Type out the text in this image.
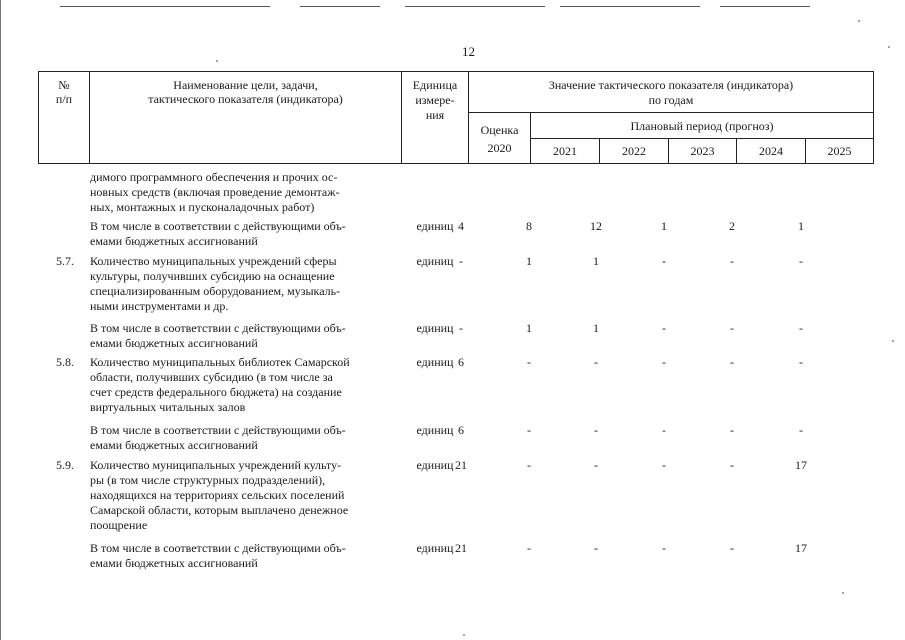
12
№
п/п
Наименование цели, задачи,
тактического показателя (индикатора)
Единица
измере-
ния
Значение тактического показателя (индикатора)
по годам
Оценка
2020
Плановый период (прогноз)
2021	2022	2023	2024	2025
димого программного обеспечения и прочих ос-
новных средств (включая проведение демонтаж-
ных, монтажных и пусконаладочных работ)
В том числе в соответствии с действующими объ-
емами бюджетных ассигнований
единиц 4	8	12	1	2	1
5.7. Количество муниципальных учреждений сферы
культуры, получивших субсидию на оснащение
специализированным оборудованием, музыкаль-
ными инструментами и др.
единиц -	1	1	-	-	-
В том числе в соответствии с действующими объ-
емами бюджетных ассигнований
единиц -	1	1	-	-	-
5.8. Количество муниципальных библиотек Самарской
области, получивших субсидию (в том числе за
счет средств федерального бюджета) на создание
виртуальных читальных залов
единиц 6	-	-	-	-	-
В том числе в соответствии с действующими объ-
емами бюджетных ассигнований
единиц 6	-	-	-	-	-
5.9. Количество муниципальных учреждений культу-
ры (в том числе структурных подразделений),
находящихся на территориях сельских поселений
Самарской области, которым выплачено денежное
поощрение
единиц 21	-	-	-	-	17
В том числе в соответствии с действующими объ-
емами бюджетных ассигнований
единиц 21	-	-	-	-	17
